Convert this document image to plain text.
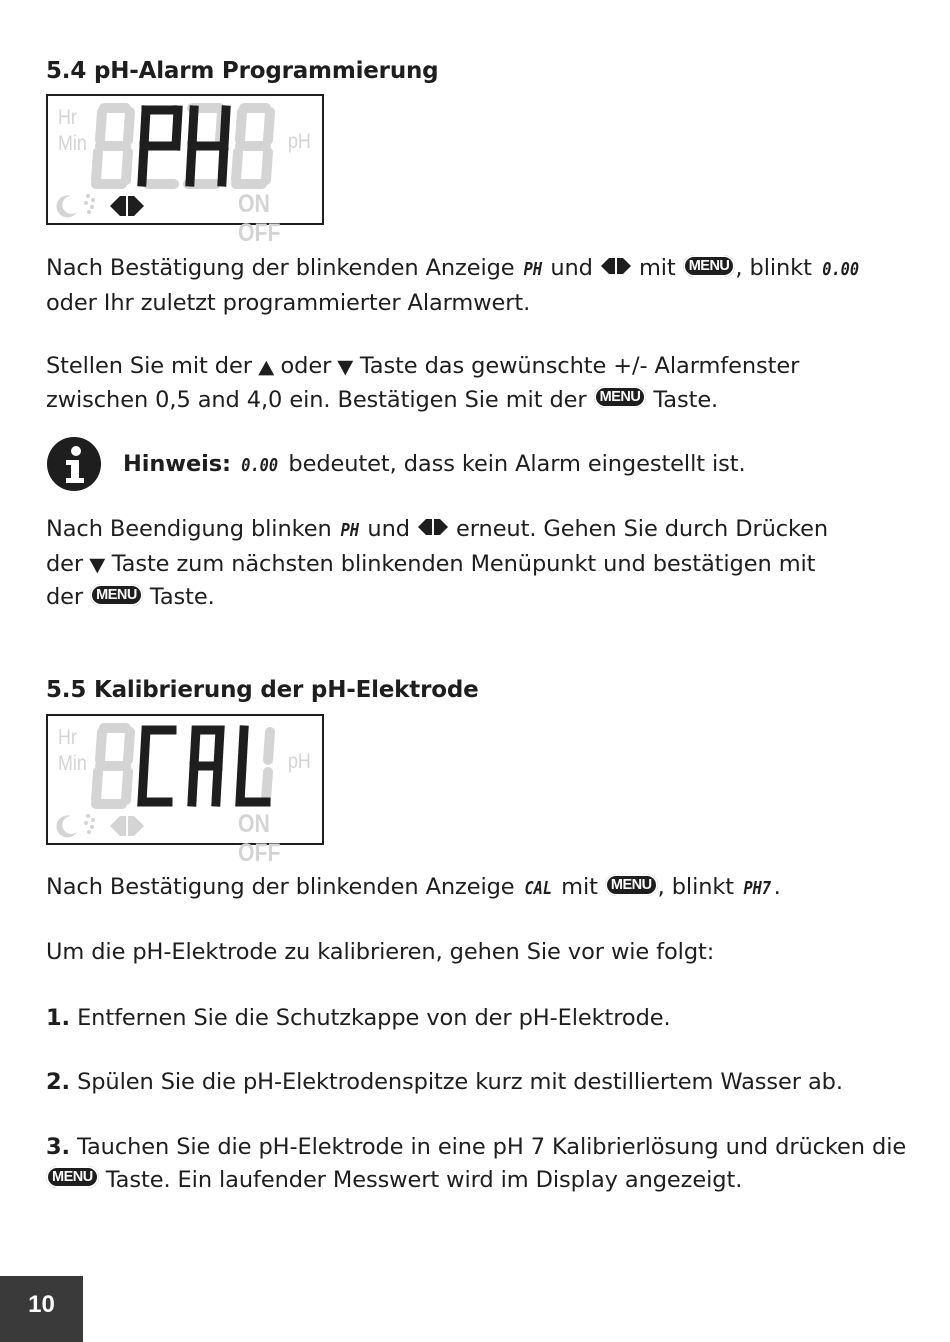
5.4 pH-Alarm Programmierung
Hr
Min	pH
ON OFF

Nach Bestätigung der blinkenden Anzeige PH und  mit MENU , blinkt 0.00
oder Ihr zuletzt programmierter Alarmwert.

Stellen Sie mit der ▲ oder ▼ Taste das gewünschte +/- Alarmfenster
zwischen 0,5 and 4,0 ein. Bestätigen Sie mit der MENU Taste.

Hinweis: 0.00 bedeutet, dass kein Alarm eingestellt ist.

Nach Beendigung blinken PH und  erneut. Gehen Sie durch Drücken
der ▼ Taste zum nächsten blinkenden Menüpunkt und bestätigen mit
der MENU Taste.

5.5 Kalibrierung der pH-Elektrode
Hr
Min	pH
ON OFF

Nach Bestätigung der blinkenden Anzeige CAL mit MENU , blinkt PH7 .

Um die pH-Elektrode zu kalibrieren, gehen Sie vor wie folgt:

1. Entfernen Sie die Schutzkappe von der pH-Elektrode.

2. Spülen Sie die pH-Elektrodenspitze kurz mit destilliertem Wasser ab.

3. Tauchen Sie die pH-Elektrode in eine pH 7 Kalibrierlösung und drücken die
MENU Taste. Ein laufender Messwert wird im Display angezeigt.

10
